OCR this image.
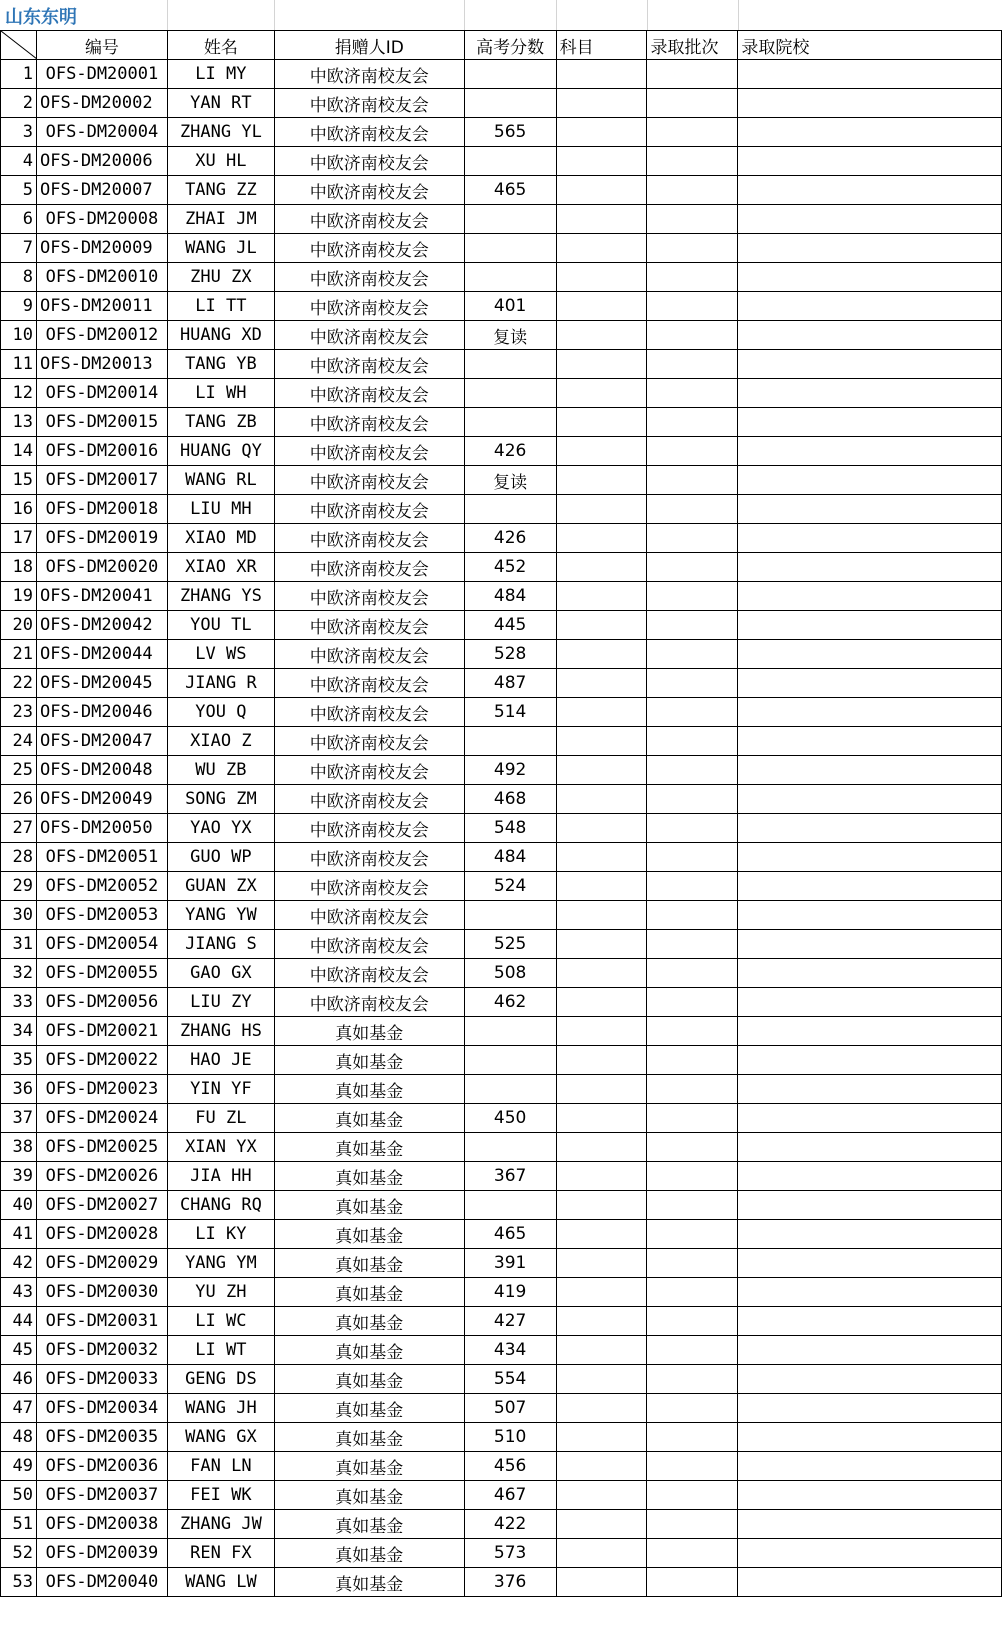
山东东明
	编号	姓名	捐赠人ID	高考分数	科目	录取批次	录取院校
1	OFS-DM20001	LI MY	中欧济南校友会				
2	OFS-DM20002	YAN RT	中欧济南校友会				
3	OFS-DM20004	ZHANG YL	中欧济南校友会	565			
4	OFS-DM20006	XU HL	中欧济南校友会				
5	OFS-DM20007	TANG ZZ	中欧济南校友会	465			
6	OFS-DM20008	ZHAI JM	中欧济南校友会				
7	OFS-DM20009	WANG JL	中欧济南校友会				
8	OFS-DM20010	ZHU ZX	中欧济南校友会				
9	OFS-DM20011	LI TT	中欧济南校友会	401			
10	OFS-DM20012	HUANG XD	中欧济南校友会	复读			
11	OFS-DM20013	TANG YB	中欧济南校友会				
12	OFS-DM20014	LI WH	中欧济南校友会				
13	OFS-DM20015	TANG ZB	中欧济南校友会				
14	OFS-DM20016	HUANG QY	中欧济南校友会	426			
15	OFS-DM20017	WANG RL	中欧济南校友会	复读			
16	OFS-DM20018	LIU MH	中欧济南校友会				
17	OFS-DM20019	XIAO MD	中欧济南校友会	426			
18	OFS-DM20020	XIAO XR	中欧济南校友会	452			
19	OFS-DM20041	ZHANG YS	中欧济南校友会	484			
20	OFS-DM20042	YOU TL	中欧济南校友会	445			
21	OFS-DM20044	LV WS	中欧济南校友会	528			
22	OFS-DM20045	JIANG R	中欧济南校友会	487			
23	OFS-DM20046	YOU Q	中欧济南校友会	514			
24	OFS-DM20047	XIAO Z	中欧济南校友会				
25	OFS-DM20048	WU ZB	中欧济南校友会	492			
26	OFS-DM20049	SONG ZM	中欧济南校友会	468			
27	OFS-DM20050	YAO YX	中欧济南校友会	548			
28	OFS-DM20051	GUO WP	中欧济南校友会	484			
29	OFS-DM20052	GUAN ZX	中欧济南校友会	524			
30	OFS-DM20053	YANG YW	中欧济南校友会				
31	OFS-DM20054	JIANG S	中欧济南校友会	525			
32	OFS-DM20055	GAO GX	中欧济南校友会	508			
33	OFS-DM20056	LIU ZY	中欧济南校友会	462			
34	OFS-DM20021	ZHANG HS	真如基金				
35	OFS-DM20022	HAO JE	真如基金				
36	OFS-DM20023	YIN YF	真如基金				
37	OFS-DM20024	FU ZL	真如基金	450			
38	OFS-DM20025	XIAN YX	真如基金				
39	OFS-DM20026	JIA HH	真如基金	367			
40	OFS-DM20027	CHANG RQ	真如基金				
41	OFS-DM20028	LI KY	真如基金	465			
42	OFS-DM20029	YANG YM	真如基金	391			
43	OFS-DM20030	YU ZH	真如基金	419			
44	OFS-DM20031	LI WC	真如基金	427			
45	OFS-DM20032	LI WT	真如基金	434			
46	OFS-DM20033	GENG DS	真如基金	554			
47	OFS-DM20034	WANG JH	真如基金	507			
48	OFS-DM20035	WANG GX	真如基金	510			
49	OFS-DM20036	FAN LN	真如基金	456			
50	OFS-DM20037	FEI WK	真如基金	467			
51	OFS-DM20038	ZHANG JW	真如基金	422			
52	OFS-DM20039	REN FX	真如基金	573			
53	OFS-DM20040	WANG LW	真如基金	376			
